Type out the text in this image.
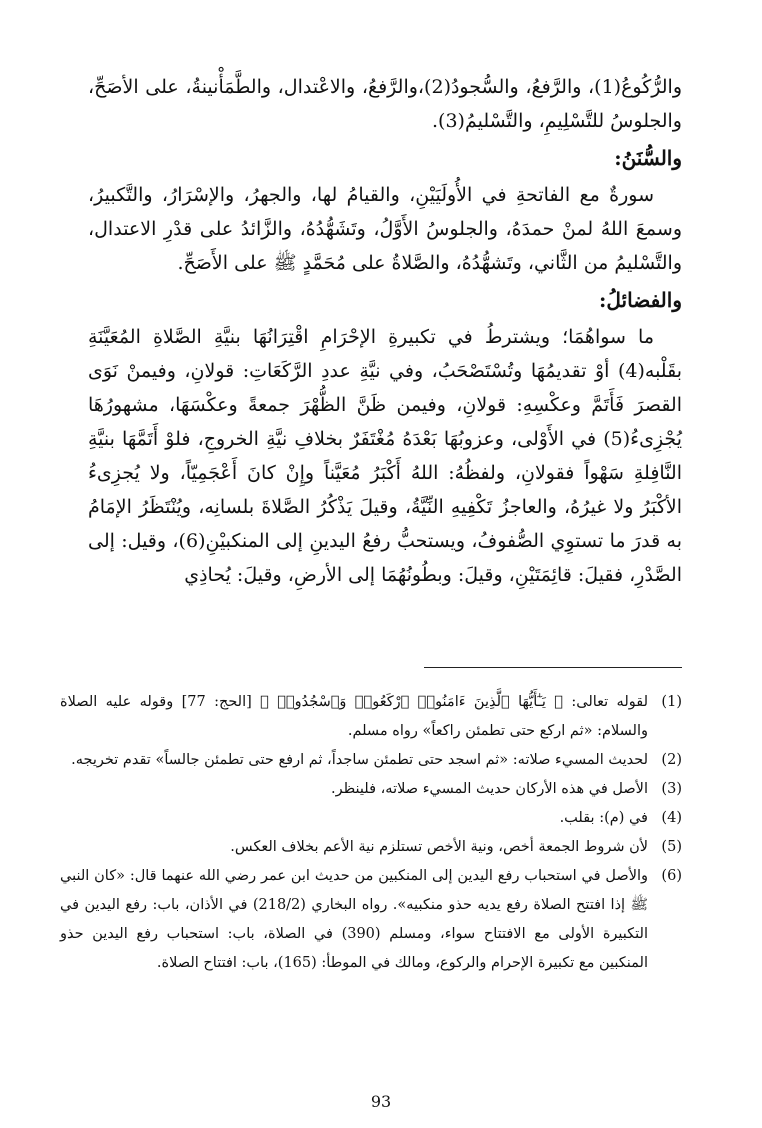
والرُّكُوعُ(1)، والرَّفعُ، والسُّجودُ(2)،والرَّفعُ، والاعْتدال، والطَّمَأْنينةُ، على الأصَحِّ، والجلوسُ للتَّسْلِيمِ، والتَّسْليمُ(3).

والسُّنَنُ:

سورةٌ مع الفاتحةِ في الأُولَيَيْنِ، والقيامُ لها، والجهرُ، والإسْرَارُ، والتَّكبيرُ، وسمعَ اللهُ لمنْ حمدَهُ، والجلوسُ الأَوَّلُ، وتَشَهُّدُهُ، والزَّائدُ على قدْرِ الاعتدال، والتَّسْليمُ من الثَّاني، وتَشهُّدُهُ، والصَّلاةُ على مُحَمَّدٍ ﷺ على الأَصَحِّ.

والفضائلُ:

ما سواهُمَا؛ ويشترطُ في تكبيرةِ الإحْرَامِ اقْتِرَانُهَا بنيَّةِ الصَّلاةِ المُعَيَّنَةِ بقَلْبه(4) أوْ تقديمُهَا وتُسْتَصْحَبُ، وفي نيَّةِ عددِ الرَّكَعَاتِ: قولانِ، وفيمنْ نَوَى القصرَ فَأَتَمَّ وعكْسِهِ: قولانِ، وفيمن ظَنَّ الظُّهْرَ جمعةً وعكْسَهَا، مشهورُهَا يُجْزِىءُ(5) في الأَوْلى، وعزوبُهَا بَعْدَهُ مُغْتَفَرٌ بخلافِ نيَّةِ الخروجِ، فلوْ أَتَمَّهَا بنيَّةِ النَّافِلةِ سَهْواً فقولانِ، ولفظُهُ: اللهُ أَكْبَرُ مُعَيَّناً وإِنْ كانَ أَعْجَمِيّاً، ولا يُجزِىءُ الأكْبَرُ ولا غيرُهُ، والعاجزُ تَكْفِيهِ النِّيَّةُ، وقيلَ يَذْكُرُ الصَّلاةَ بلسانِه، ويُنْتَظَرُ الإمَامُ به قدرَ ما تستوِي الصُّفوفُ، ويستحبُّ رفعُ اليدينِ إلى المنكبيْنِ(6)، وقيل: إلى الصَّدْرِ، فقيلَ: قائِمَتَيْنِ، وقيلَ: وبطُونُهُمَا إلى الأرضِ، وقيلَ: يُحاذِي

(1)
لقوله تعالى: ﴿ يَـٰٓأَيُّهَا ٱلَّذِينَ ءَامَنُوا۟ ٱرْكَعُوا۟ وَٱسْجُدُوا۟ ﴾ [الحج: 77] وقوله عليه الصلاة والسلام: «ثم اركع حتى تطمئن راكعاً» رواه مسلم.
(2)
لحديث المسيء صلاته: «ثم اسجد حتى تطمئن ساجداً، ثم ارفع حتى تطمئن جالساً» تقدم تخريجه.
(3)
الأصل في هذه الأركان حديث المسيء صلاته، فلينظر.
(4)
في (م): بقلب.
(5)
لأن شروط الجمعة أخص، ونية الأخص تستلزم نية الأعم بخلاف العكس.
(6)
والأصل في استحباب رفع اليدين إلى المنكبين من حديث ابن عمر رضي الله عنهما قال: «كان النبي ﷺ إذا افتتح الصلاة رفع يديه حذو منكبيه». رواه البخاري (218/2) في الأذان، باب: رفع اليدين في التكبيرة الأولى مع الافتتاح سواء، ومسلم (390) في الصلاة، باب: استحباب رفع اليدين حذو المنكبين مع تكبيرة الإحرام والركوع، ومالك في الموطأ: (165)، باب: افتتاح الصلاة.
93
